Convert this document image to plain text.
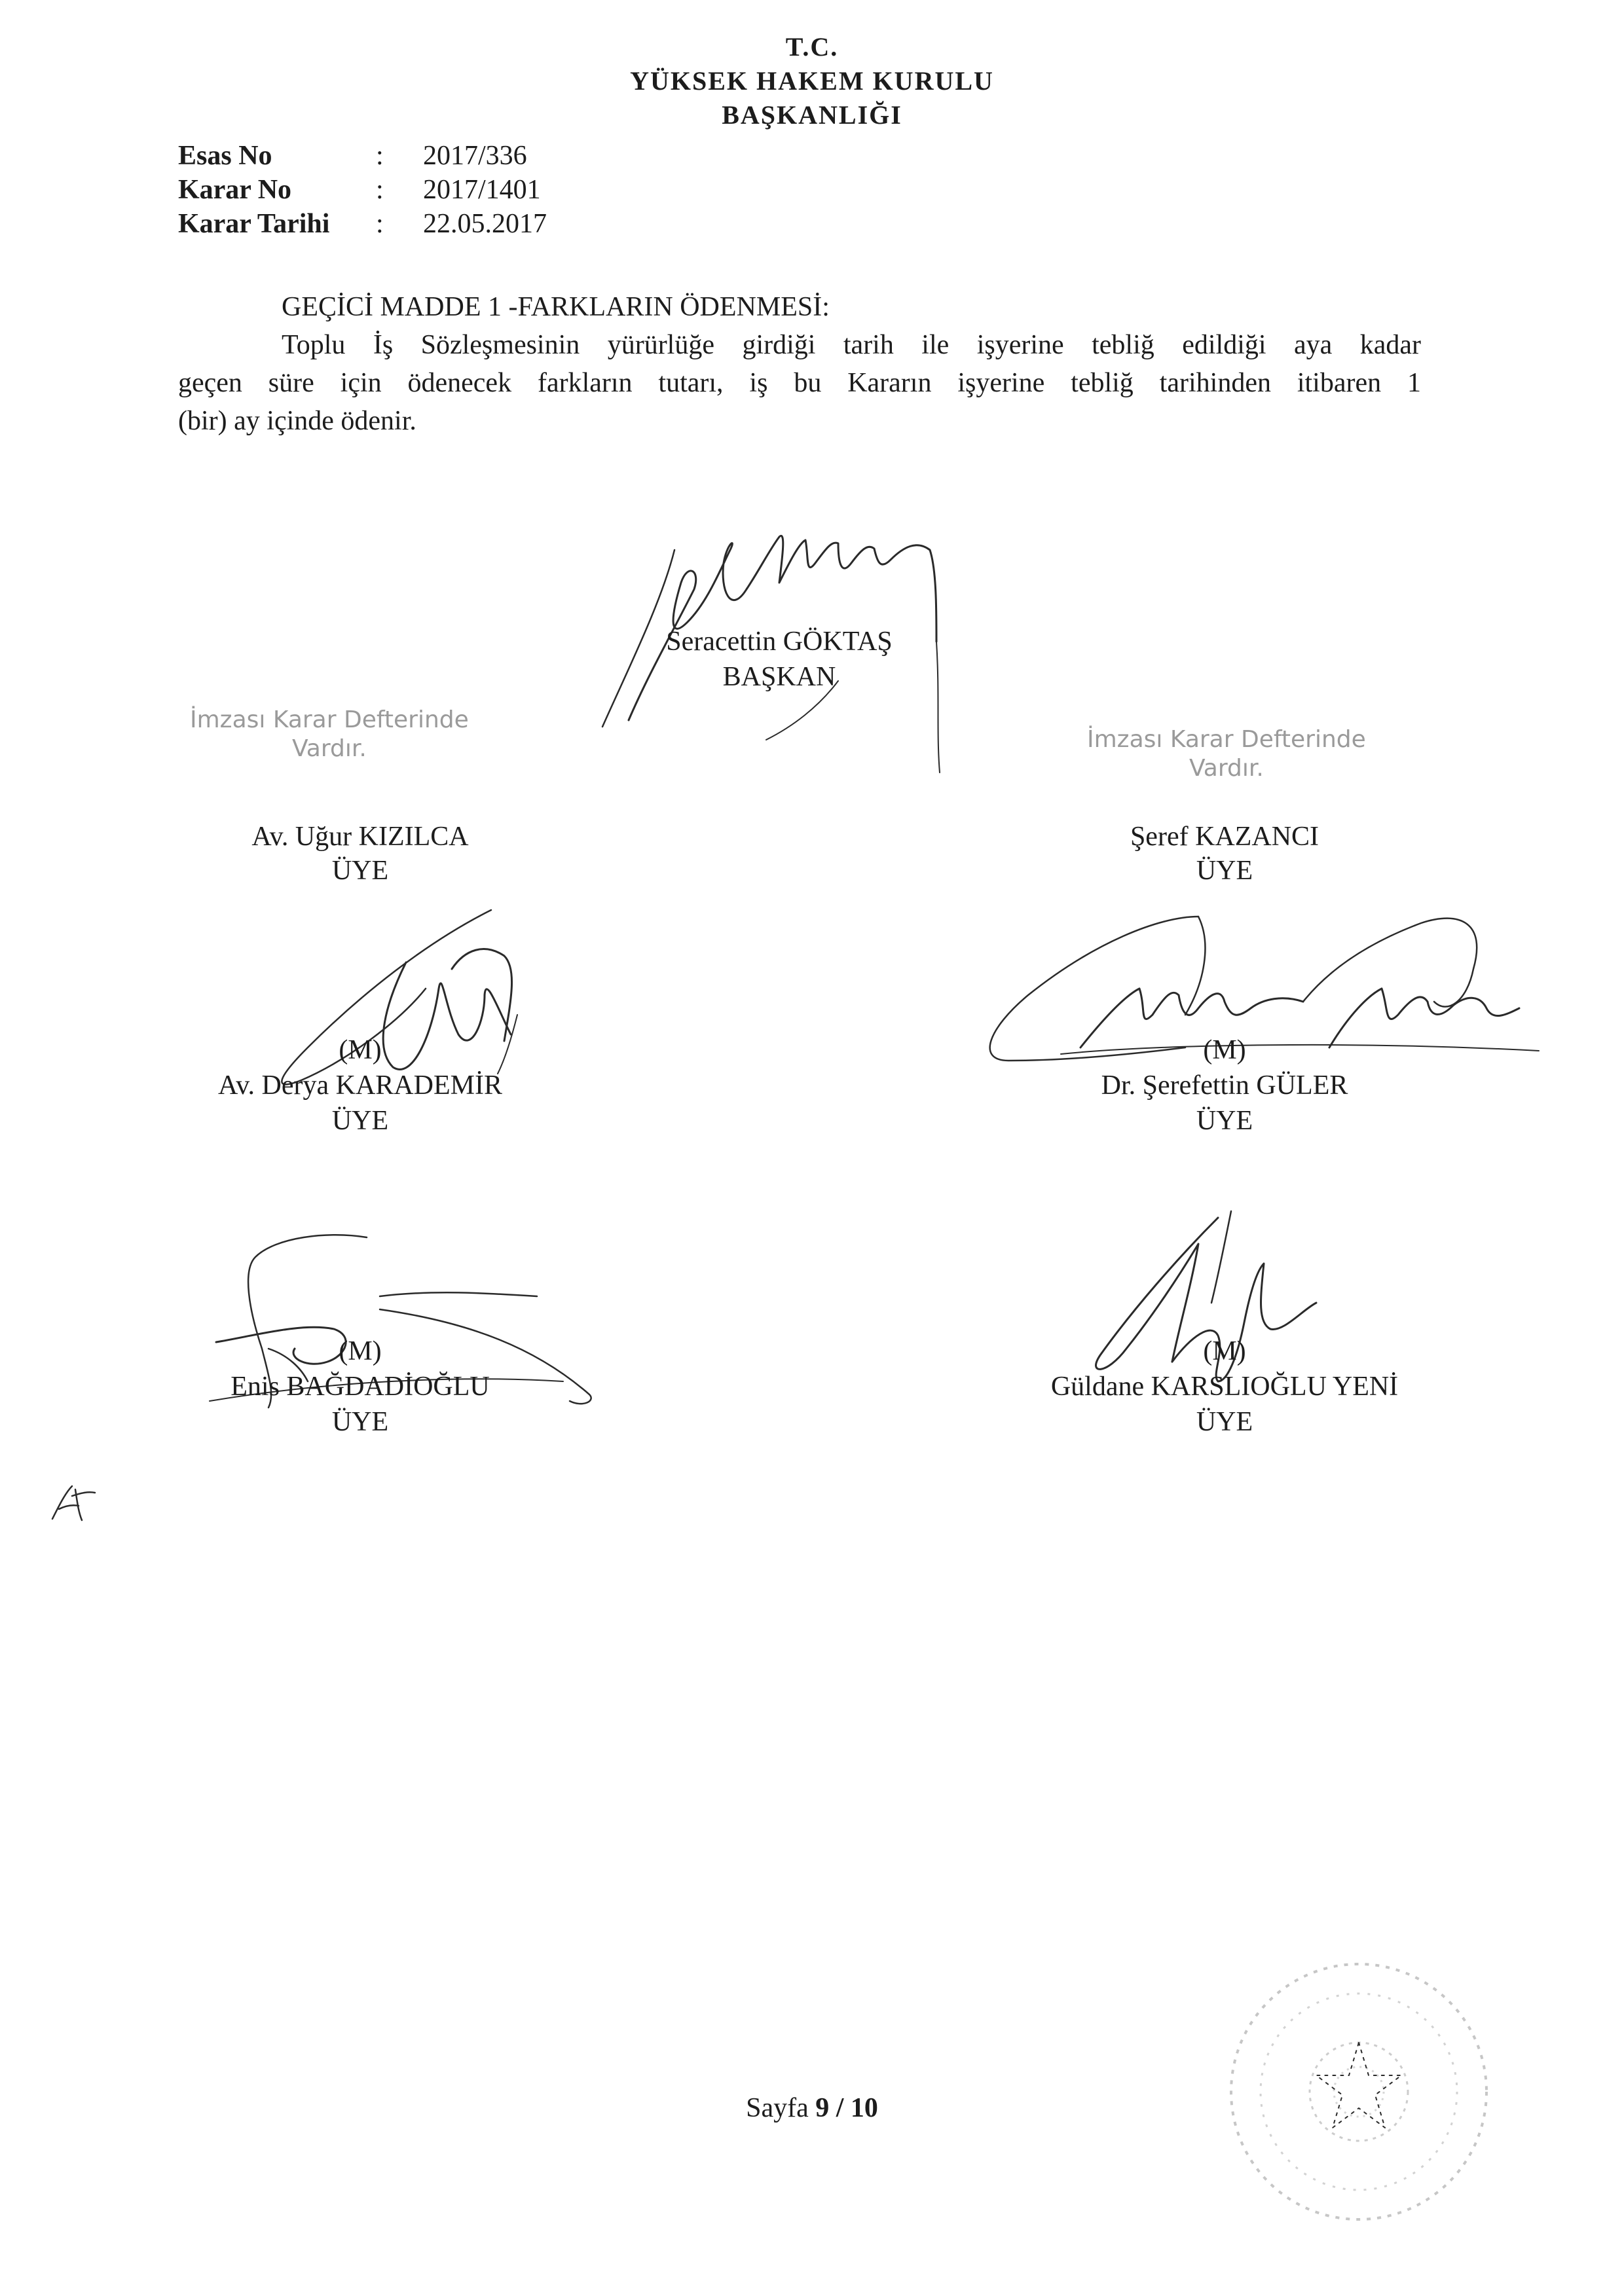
T.C.
YÜKSEK HAKEM KURULU
BAŞKANLIĞI
Esas No	: 2017/336
Karar No	: 2017/1401
Karar Tarihi : 22.05.2017
GEÇİCİ MADDE 1 -FARKLARIN ÖDENMESİ:
Toplu İş Sözleşmesinin yürürlüğe girdiği tarih ile işyerine tebliğ edildiği aya kadar
geçen süre için ödenecek farkların tutarı, iş bu Kararın işyerine tebliğ tarihinden itibaren 1
(bir) ay içinde ödenir.
Seracettin GÖKTAŞ
BAŞKAN
İmzası Karar Defterinde
Vardır.	İmzası Karar Defterinde
Vardır.
Av. Uğur KIZILCA
ÜYE
Şeref KAZANCI
ÜYE
(M)
Av. Derya KARADEMİR
ÜYE
(M)
Dr. Şerefettin GÜLER
ÜYE
(M)
Enis BAĞDADİOĞLU
ÜYE
(M)
Güldane KARSLIOĞLU YENİ
ÜYE
Sayfa 9 / 10
